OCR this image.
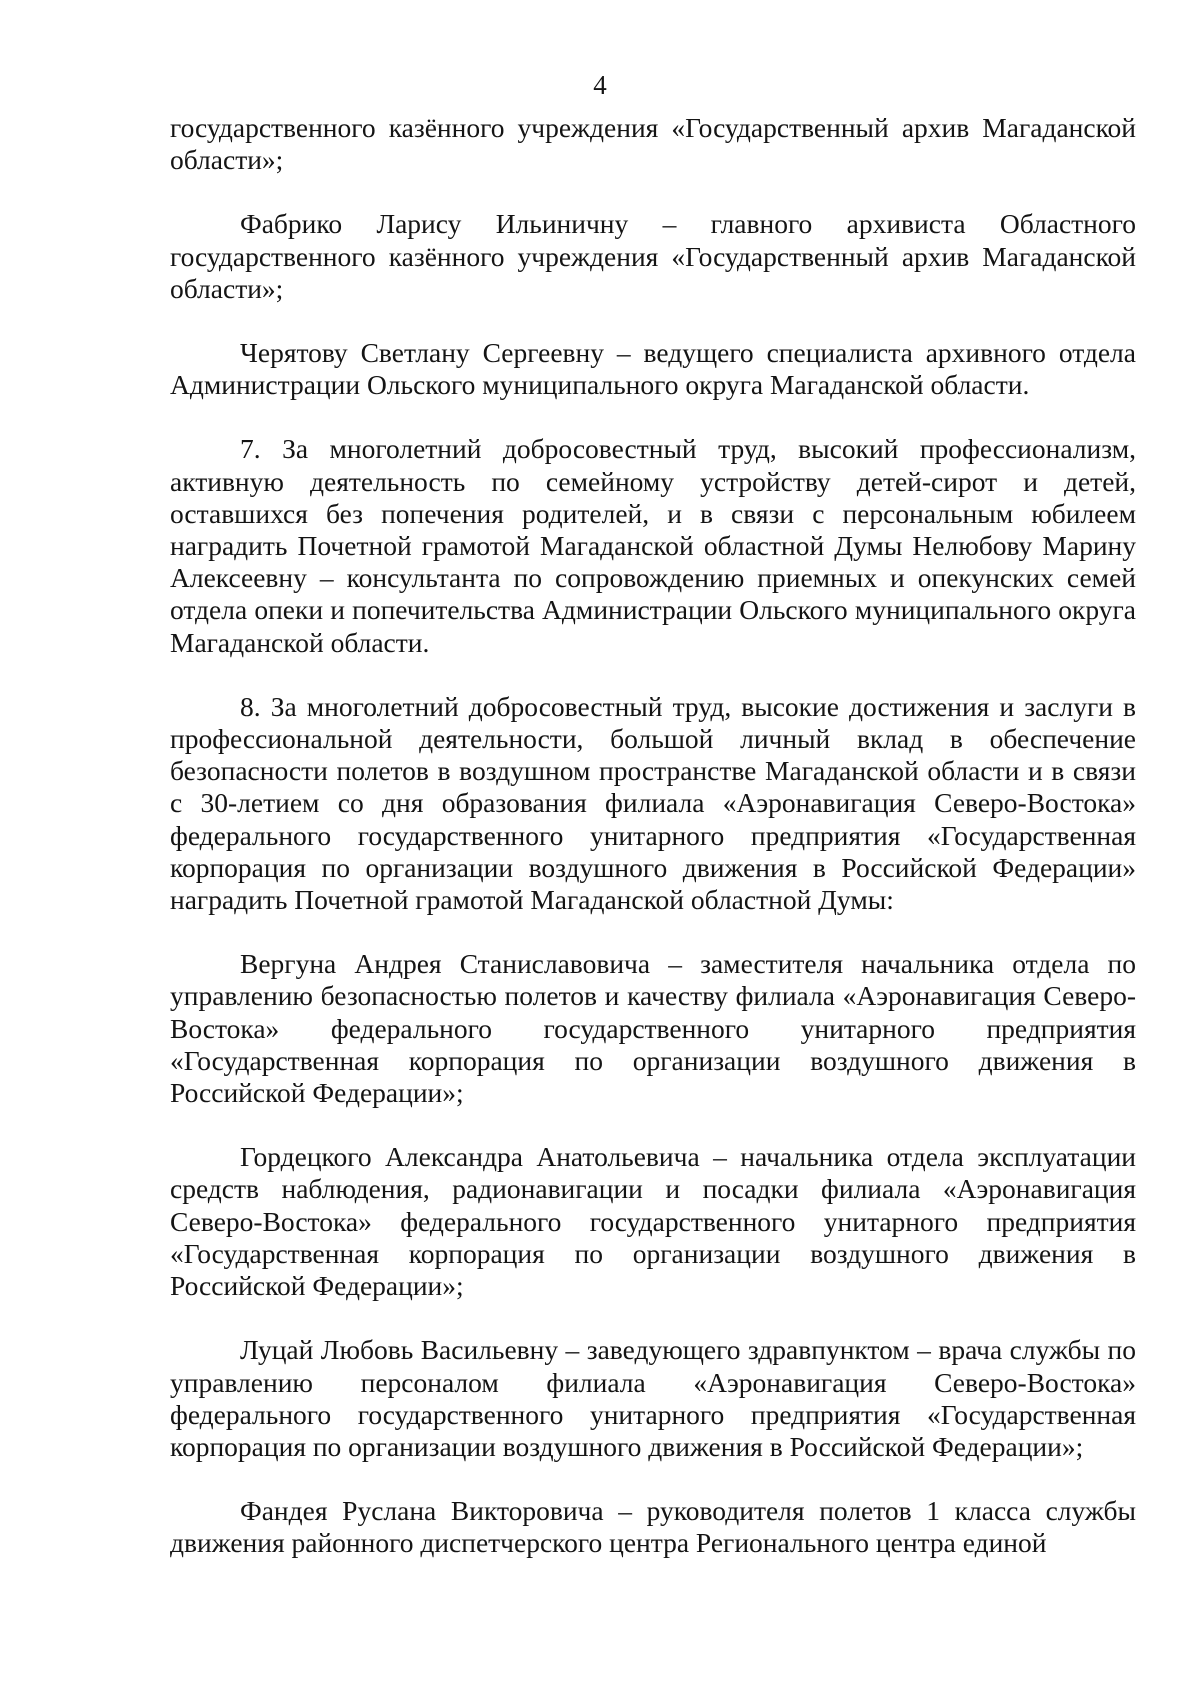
4

государственного казённого учреждения «Государственный архив Магаданской области»;

Фабрико Ларису Ильиничну – главного архивиста Областного государственного казённого учреждения «Государственный архив Магаданской области»;

Черятову Светлану Сергеевну – ведущего специалиста архивного отдела Администрации Ольского муниципального округа Магаданской области.

7. За многолетний добросовестный труд, высокий профессионализм, активную деятельность по семейному устройству детей-сирот и детей, оставшихся без попечения родителей, и в связи с персональным юбилеем наградить Почетной грамотой Магаданской областной Думы Нелюбову Марину Алексеевну – консультанта по сопровождению приемных и опекунских семей отдела опеки и попечительства Администрации Ольского муниципального округа Магаданской области.

8. За многолетний добросовестный труд, высокие достижения и заслуги в профессиональной деятельности, большой личный вклад в обеспечение безопасности полетов в воздушном пространстве Магаданской области и в связи с 30-летием со дня образования филиала «Аэронавигация Северо-Востока» федерального государственного унитарного предприятия «Государственная корпорация по организации воздушного движения в Российской Федерации» наградить Почетной грамотой Магаданской областной Думы:

Вергуна Андрея Станиславовича – заместителя начальника отдела по управлению безопасностью полетов и качеству филиала «Аэронавигация Северо-Востока» федерального государственного унитарного предприятия «Государственная корпорация по организации воздушного движения в Российской Федерации»;

Гордецкого Александра Анатольевича – начальника отдела эксплуатации средств наблюдения, радионавигации и посадки филиала «Аэронавигация Северо-Востока» федерального государственного унитарного предприятия «Государственная корпорация по организации воздушного движения в Российской Федерации»;

Луцай Любовь Васильевну – заведующего здравпунктом – врача службы по управлению персоналом филиала «Аэронавигация Северо-Востока» федерального государственного унитарного предприятия «Государственная корпорация по организации воздушного движения в Российской Федерации»;

Фандея Руслана Викторовича – руководителя полетов 1 класса службы движения районного диспетчерского центра Регионального центра единой
